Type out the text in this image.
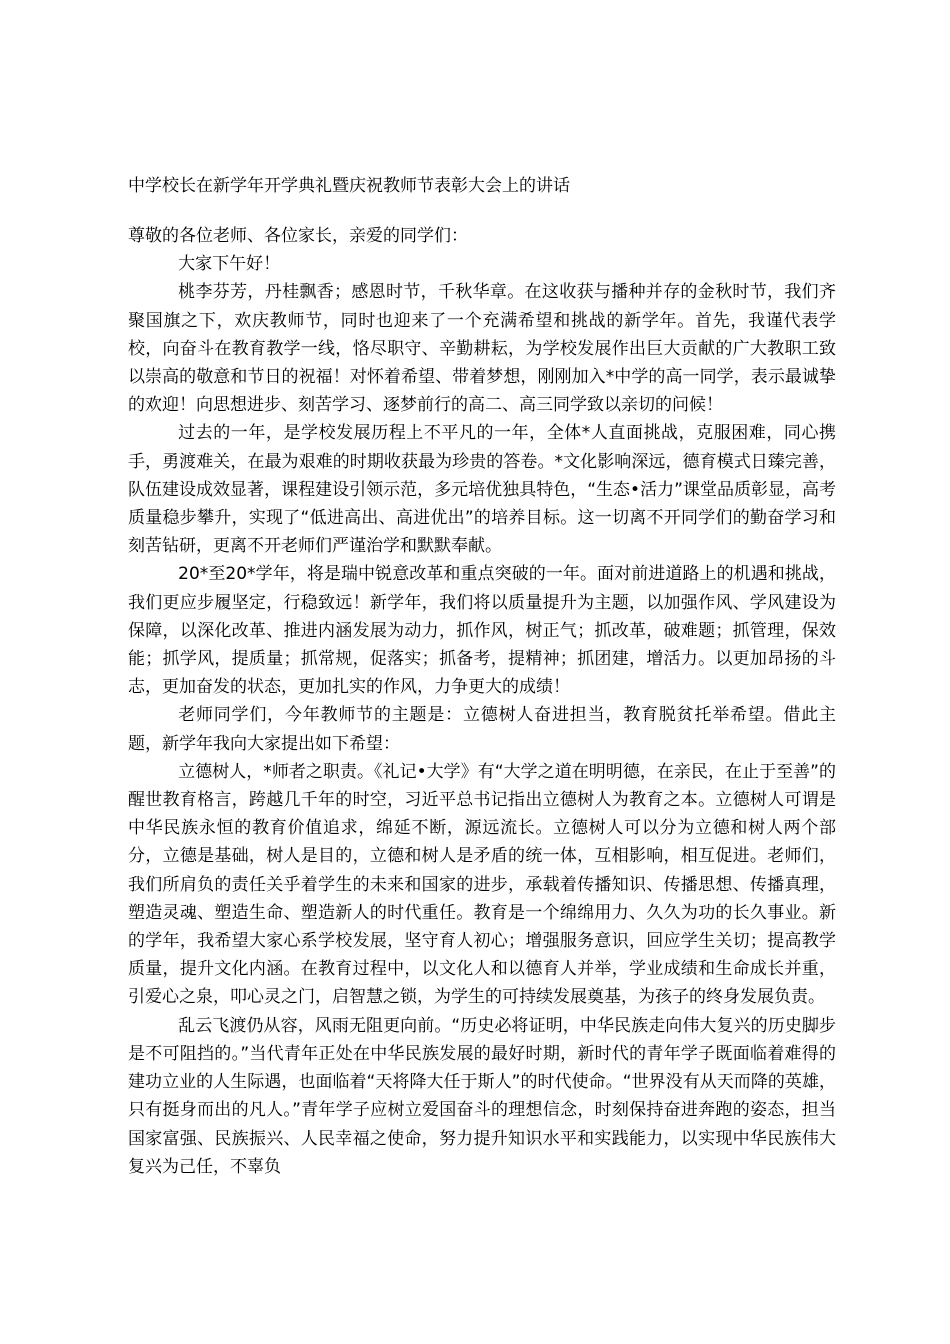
中学校长在新学年开学典礼暨庆祝教师节表彰大会上的讲话

尊敬的各位老师、各位家长，亲爱的同学们：

大家下午好！

桃李芬芳，丹桂飘香；感恩时节，千秋华章。在这收获与播种并存的金秋时节，我们齐聚国旗之下，欢庆教师节，同时也迎来了一个充满希望和挑战的新学年。首先，我谨代表学校，向奋斗在教育教学一线，恪尽职守、辛勤耕耘，为学校发展作出巨大贡献的广大教职工致以崇高的敬意和节日的祝福！对怀着希望、带着梦想，刚刚加入*中学的高一同学，表示最诚挚的欢迎！向思想进步、刻苦学习、逐梦前行的高二、高三同学致以亲切的问候！

过去的一年，是学校发展历程上不平凡的一年，全体*人直面挑战，克服困难，同心携手，勇渡难关，在最为艰难的时期收获最为珍贵的答卷。*文化影响深远，德育模式日臻完善，队伍建设成效显著，课程建设引领示范，多元培优独具特色，“生态•活力”课堂品质彰显，高考质量稳步攀升，实现了“低进高出、高进优出”的培养目标。这一切离不开同学们的勤奋学习和刻苦钻研，更离不开老师们严谨治学和默默奉献。

20*至20*学年，将是瑞中锐意改革和重点突破的一年。面对前进道路上的机遇和挑战，我们更应步履坚定，行稳致远！新学年，我们将以质量提升为主题，以加强作风、学风建设为保障，以深化改革、推进内涵发展为动力，抓作风，树正气；抓改革，破难题；抓管理，保效能；抓学风，提质量；抓常规，促落实；抓备考，提精神；抓团建，增活力。以更加昂扬的斗志，更加奋发的状态，更加扎实的作风，力争更大的成绩！

老师同学们，今年教师节的主题是：立德树人奋进担当，教育脱贫托举希望。借此主题，新学年我向大家提出如下希望：

立德树人，*师者之职责。《礼记•大学》有“大学之道在明明德，在亲民，在止于至善”的醒世教育格言，跨越几千年的时空，习近平总书记指出立德树人为教育之本。立德树人可谓是中华民族永恒的教育价值追求，绵延不断，源远流长。立德树人可以分为立德和树人两个部分，立德是基础，树人是目的，立德和树人是矛盾的统一体，互相影响，相互促进。老师们，我们所肩负的责任关乎着学生的未来和国家的进步，承载着传播知识、传播思想、传播真理，塑造灵魂、塑造生命、塑造新人的时代重任。教育是一个绵绵用力、久久为功的长久事业。新的学年，我希望大家心系学校发展，坚守育人初心；增强服务意识，回应学生关切；提高教学质量，提升文化内涵。在教育过程中，以文化人和以德育人并举，学业成绩和生命成长并重，引爱心之泉，叩心灵之门，启智慧之锁，为学生的可持续发展奠基，为孩子的终身发展负责。

乱云飞渡仍从容，风雨无阻更向前。“历史必将证明，中华民族走向伟大复兴的历史脚步是不可阻挡的。”当代青年正处在中华民族发展的最好时期，新时代的青年学子既面临着难得的建功立业的人生际遇，也面临着“天将降大任于斯人”的时代使命。“世界没有从天而降的英雄，只有挺身而出的凡人。”青年学子应树立爱国奋斗的理想信念，时刻保持奋进奔跑的姿态，担当国家富强、民族振兴、人民幸福之使命，努力提升知识水平和实践能力，以实现中华民族伟大复兴为己任，不辜负
